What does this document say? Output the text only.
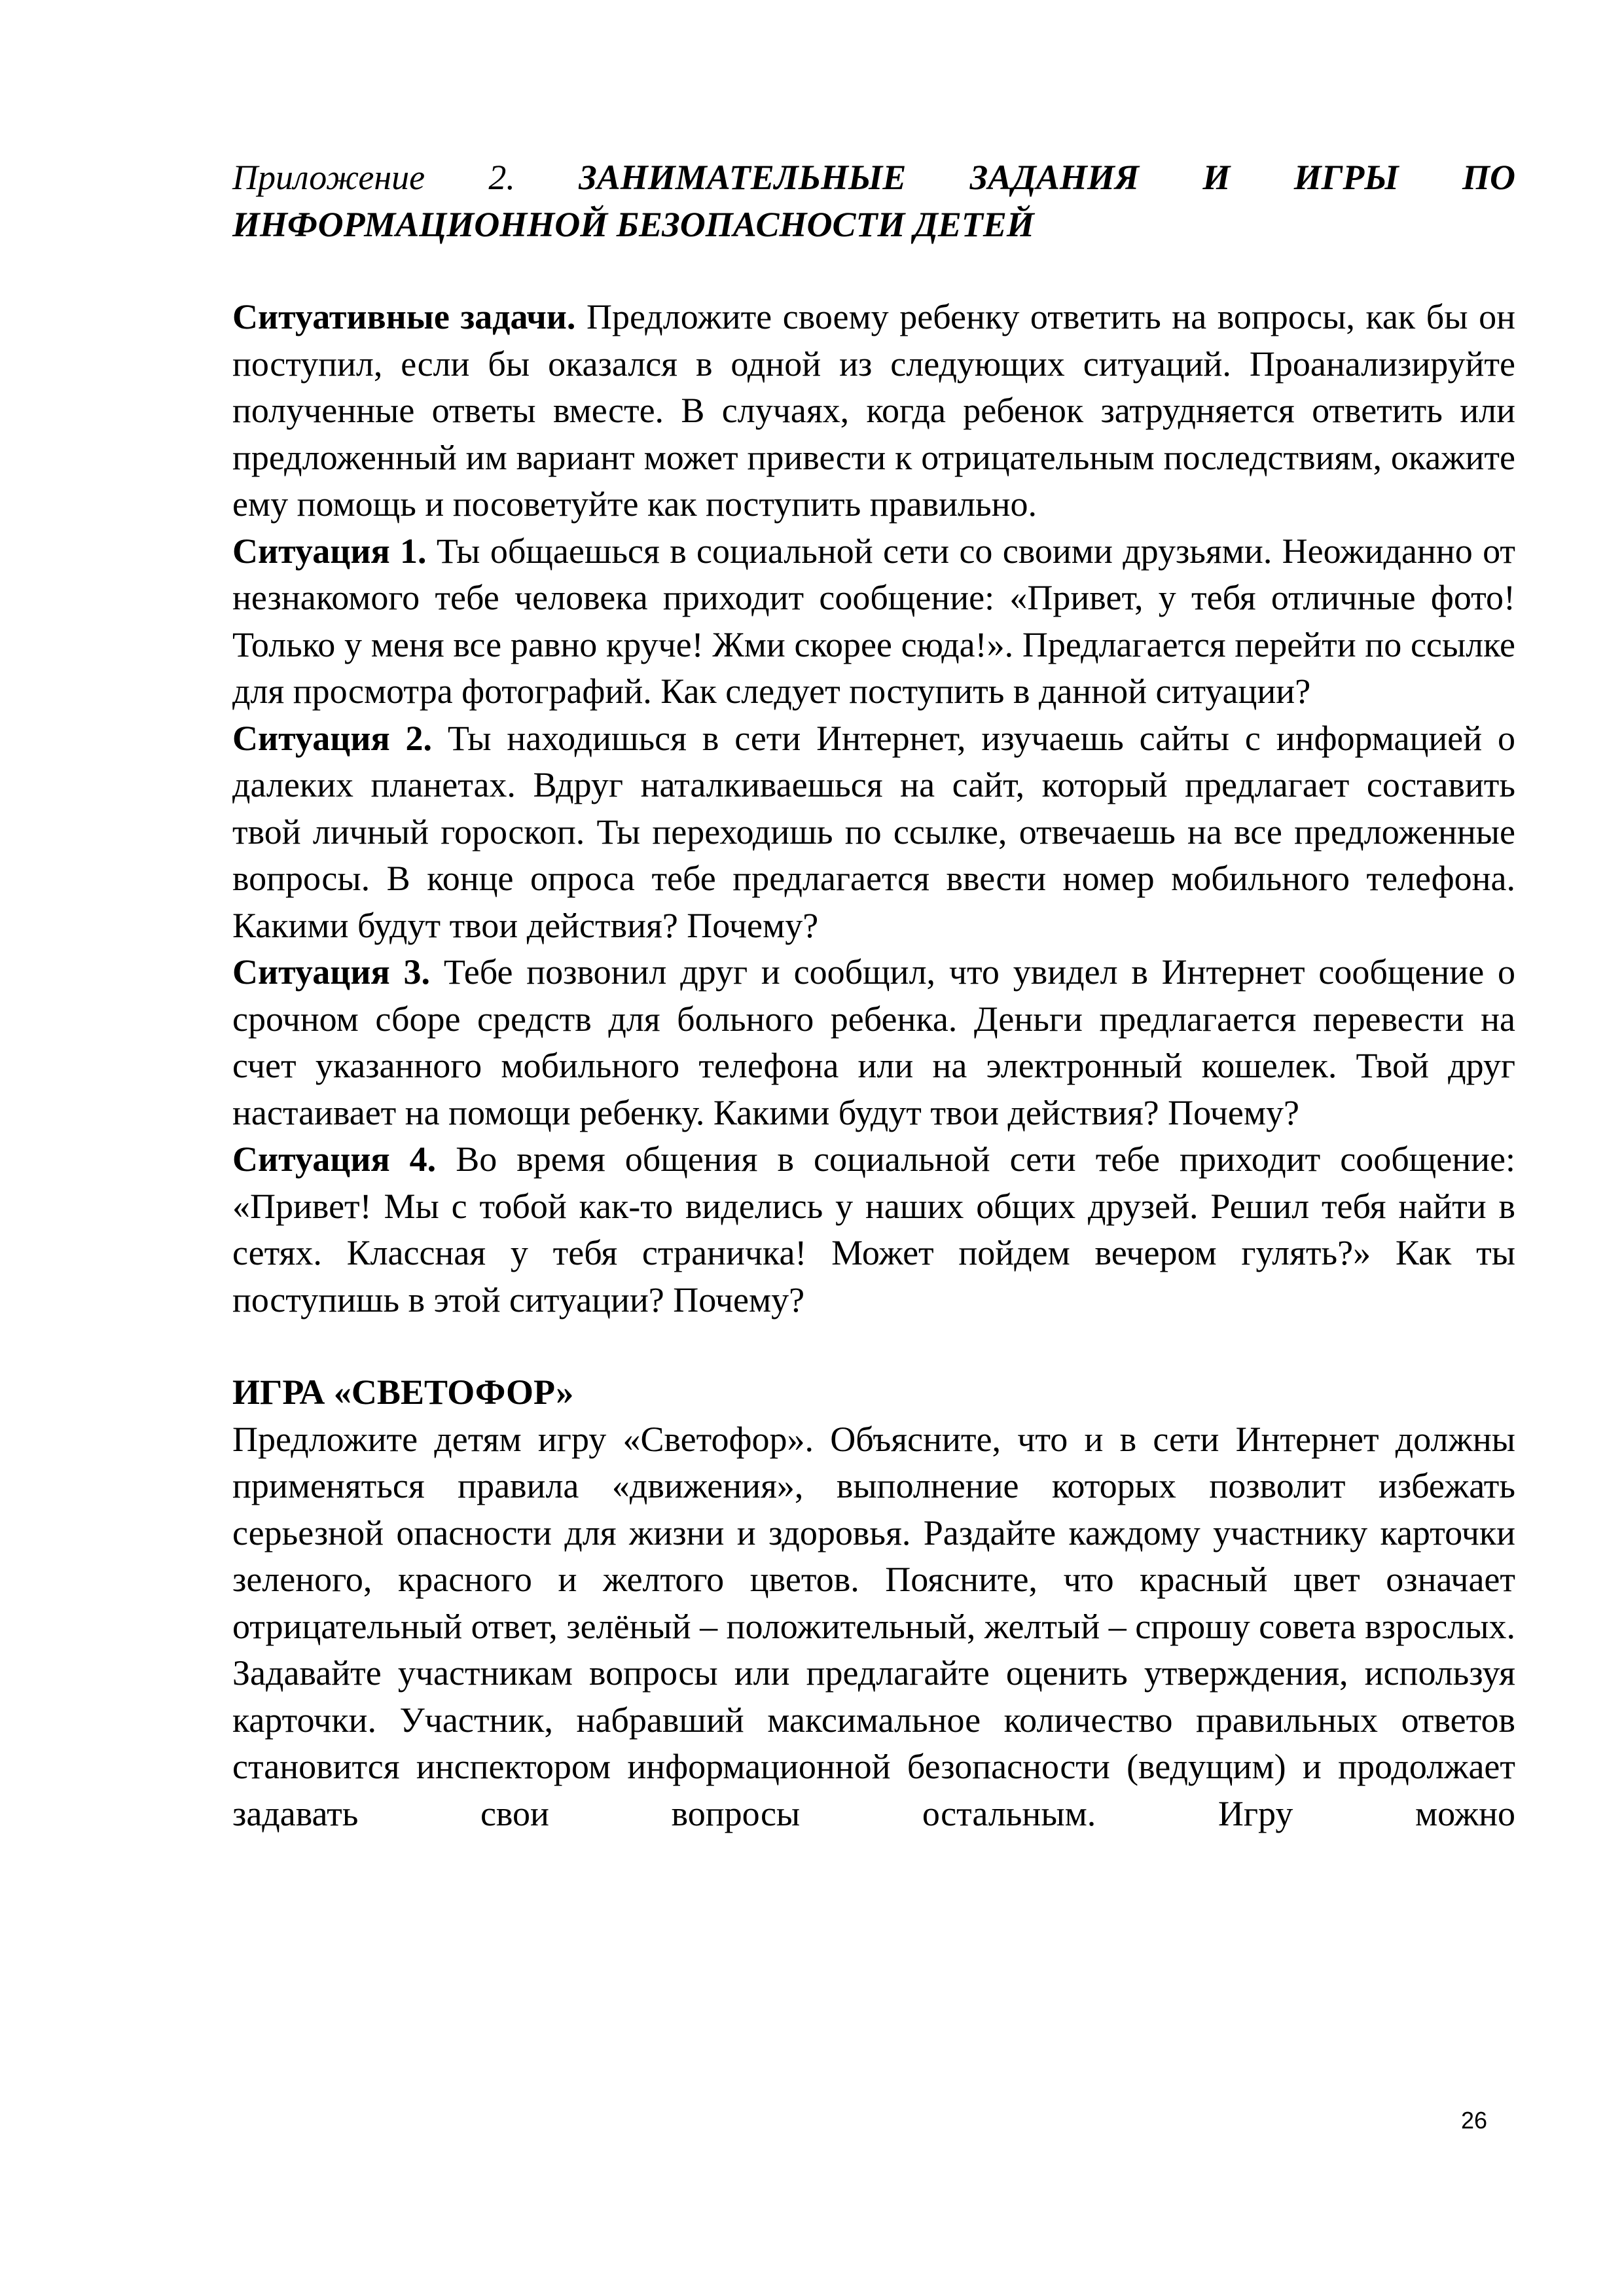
Приложение 2. ЗАНИМАТЕЛЬНЫЕ ЗАДАНИЯ И ИГРЫ ПО ИНФОРМАЦИОННОЙ БЕЗОПАСНОСТИ ДЕТЕЙ

Ситуативные задачи. Предложите своему ребенку ответить на вопросы, как бы он поступил, если бы оказался в одной из следующих ситуаций. Проанализируйте полученные ответы вместе. В случаях, когда ребенок затрудняется ответить или предложенный им вариант может привести к отрицательным последствиям, окажите ему помощь и посоветуйте как поступить правильно.

Ситуация 1. Ты общаешься в социальной сети со своими друзьями. Неожиданно от незнакомого тебе человека приходит сообщение: «Привет, у тебя отличные фото! Только у меня все равно круче! Жми скорее сюда!». Предлагается перейти по ссылке для просмотра фотографий. Как следует поступить в данной ситуации?

Ситуация 2. Ты находишься в сети Интернет, изучаешь сайты с информацией о далеких планетах. Вдруг наталкиваешься на сайт, который предлагает составить твой личный гороскоп. Ты переходишь по ссылке, отвечаешь на все предложенные вопросы. В конце опроса тебе предлагается ввести номер мобильного телефона. Какими будут твои действия? Почему?

Ситуация 3. Тебе позвонил друг и сообщил, что увидел в Интернет сообщение о срочном сборе средств для больного ребенка. Деньги предлагается перевести на счет указанного мобильного телефона или на электронный кошелек. Твой друг настаивает на помощи ребенку. Какими будут твои действия? Почему?

Ситуация 4. Во время общения в социальной сети тебе приходит сообщение: «Привет! Мы с тобой как-то виделись у наших общих друзей. Решил тебя найти в сетях. Классная у тебя страничка! Может пойдем вечером гулять?» Как ты поступишь в этой ситуации? Почему?

ИГРА «СВЕТОФОР»

Предложите детям игру «Светофор». Объясните, что и в сети Интернет должны применяться правила «движения», выполнение которых позволит избежать серьезной опасности для жизни и здоровья. Раздайте каждому участнику карточки зеленого, красного и желтого цветов. Поясните, что красный цвет означает отрицательный ответ, зелёный – положительный, желтый – спрошу совета взрослых. Задавайте участникам вопросы или предлагайте оценить утверждения, используя карточки. Участник, набравший максимальное количество правильных ответов становится инспектором информационной безопасности (ведущим) и продолжает задавать свои вопросы остальным. Игру можно

26
